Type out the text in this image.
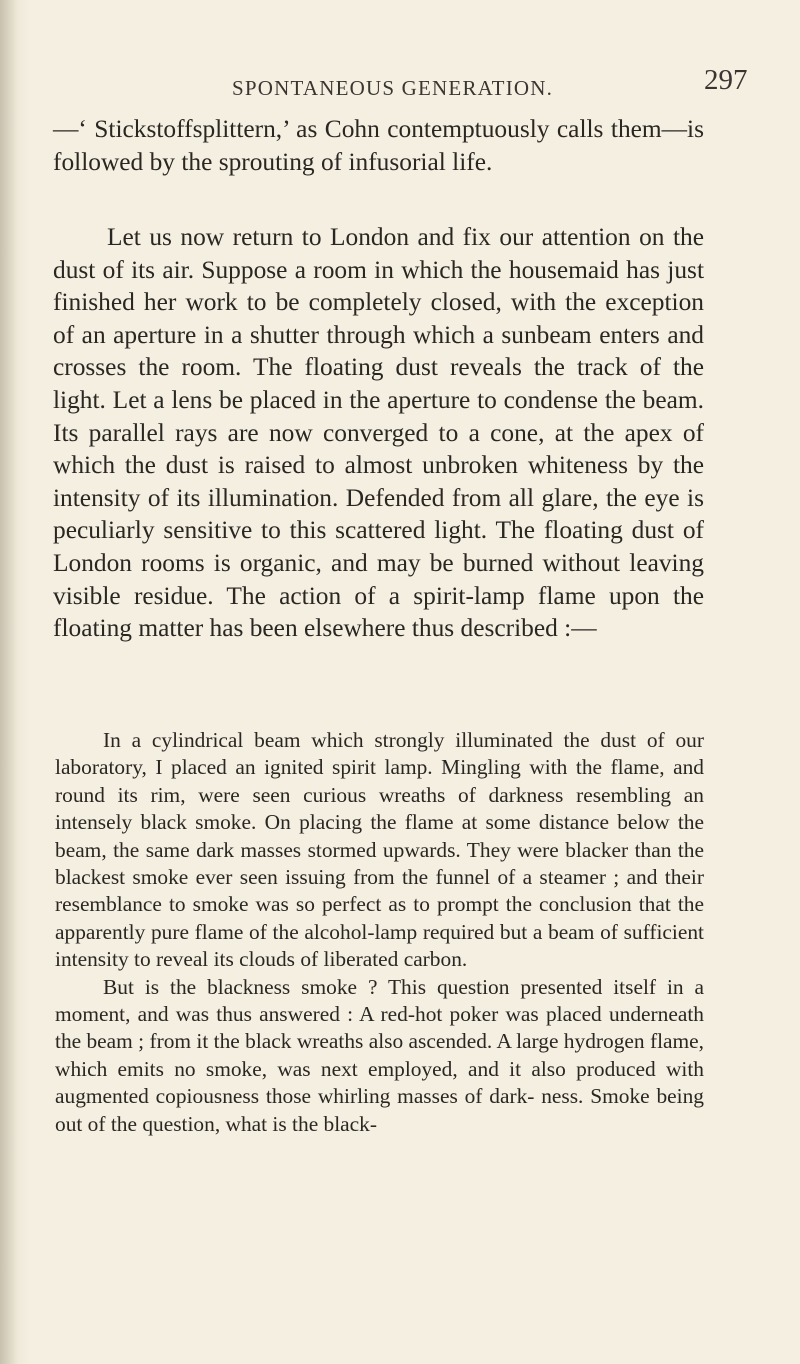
SPONTANEOUS GENERATION.	297

—‘ Stickstoffsplittern,’ as Cohn contemptuously calls them—is followed by the sprouting of infusorial life.

Let us now return to London and fix our attention on the dust of its air. Suppose a room in which the housemaid has just finished her work to be completely closed, with the exception of an aperture in a shutter through which a sunbeam enters and crosses the room. The floating dust reveals the track of the light. Let a lens be placed in the aperture to condense the beam. Its parallel rays are now converged to a cone, at the apex of which the dust is raised to almost unbroken whiteness by the intensity of its illumination. Defended from all glare, the eye is peculiarly sensitive to this scattered light. The floating dust of London rooms is organic, and may be burned without leaving visible residue. The action of a spirit-lamp flame upon the floating matter has been elsewhere thus described :—

In a cylindrical beam which strongly illuminated the dust of our laboratory, I placed an ignited spirit lamp. Mingling with the flame, and round its rim, were seen curious wreaths of darkness resembling an intensely black smoke. On placing the flame at some distance below the beam, the same dark masses stormed upwards. They were blacker than the blackest smoke ever seen issuing from the funnel of a steamer ; and their resemblance to smoke was so perfect as to prompt the conclusion that the apparently pure flame of the alcohol-lamp required but a beam of sufficient intensity to reveal its clouds of liberated carbon.

But is the blackness smoke ? This question presented itself in a moment, and was thus answered : A red-hot poker was placed underneath the beam ; from it the black wreaths also ascended. A large hydrogen flame, which emits no smoke, was next employed, and it also produced with augmented copiousness those whirling masses of dark- ness. Smoke being out of the question, what is the black-
